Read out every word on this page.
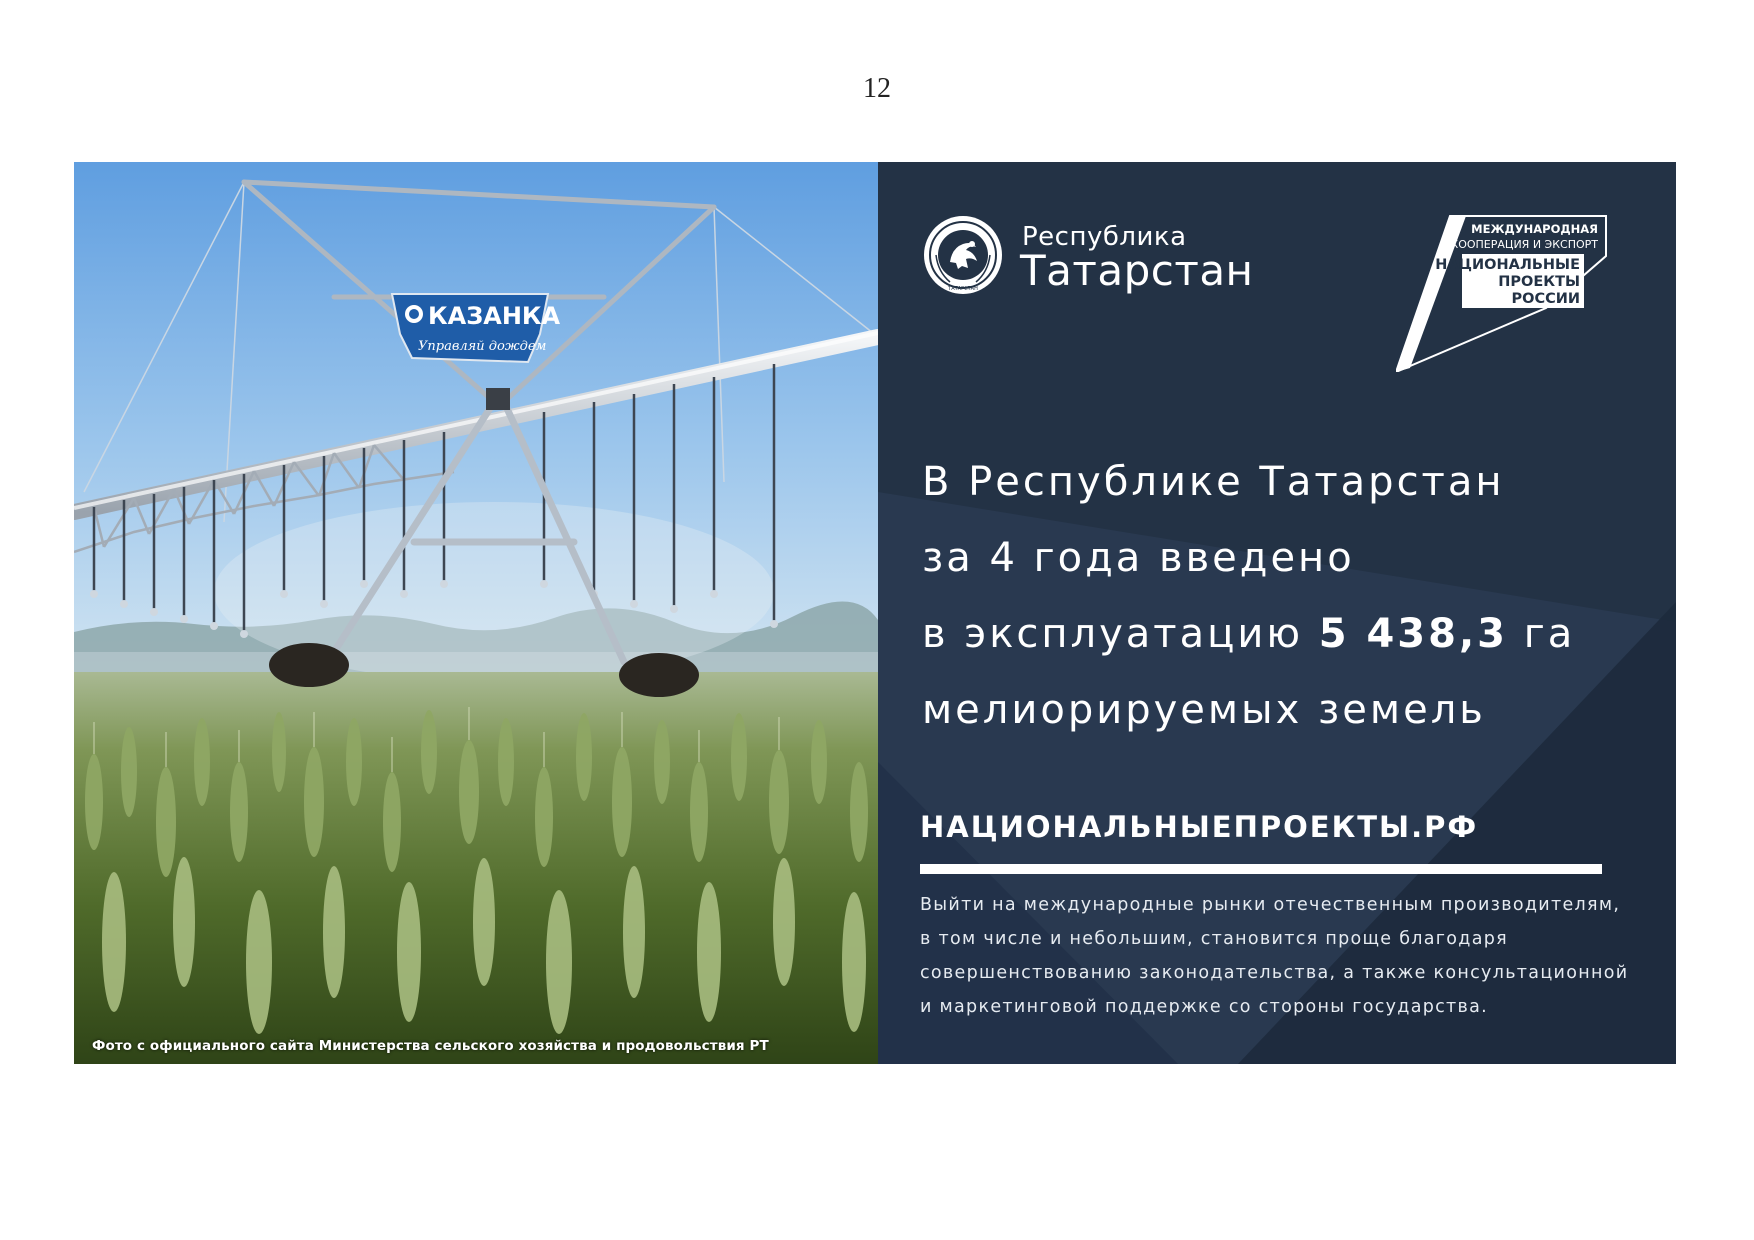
12
КАЗАНКА
Управляй дождем
Фото с официального сайта Министерства сельского хозяйства и продовольствия РТ
ТАТАРСТАН
Республика
Татарстан
МЕЖДУНАРОДНАЯ
КООПЕРАЦИЯ И ЭКСПОРТ
НАЦИОНАЛЬНЫЕ
ПРОЕКТЫ
РОССИИ
В Республике Татарстан
за 4 года введено
в эксплуатацию 5 438,3 га
мелиорируемых земель
НАЦИОНАЛЬНЫЕПРОЕКТЫ.РФ
Выйти на международные рынки отечественным производителям,
в том числе и небольшим, становится проще благодаря
совершенствованию законодательства, а также консультационной
и маркетинговой поддержке со стороны государства.
